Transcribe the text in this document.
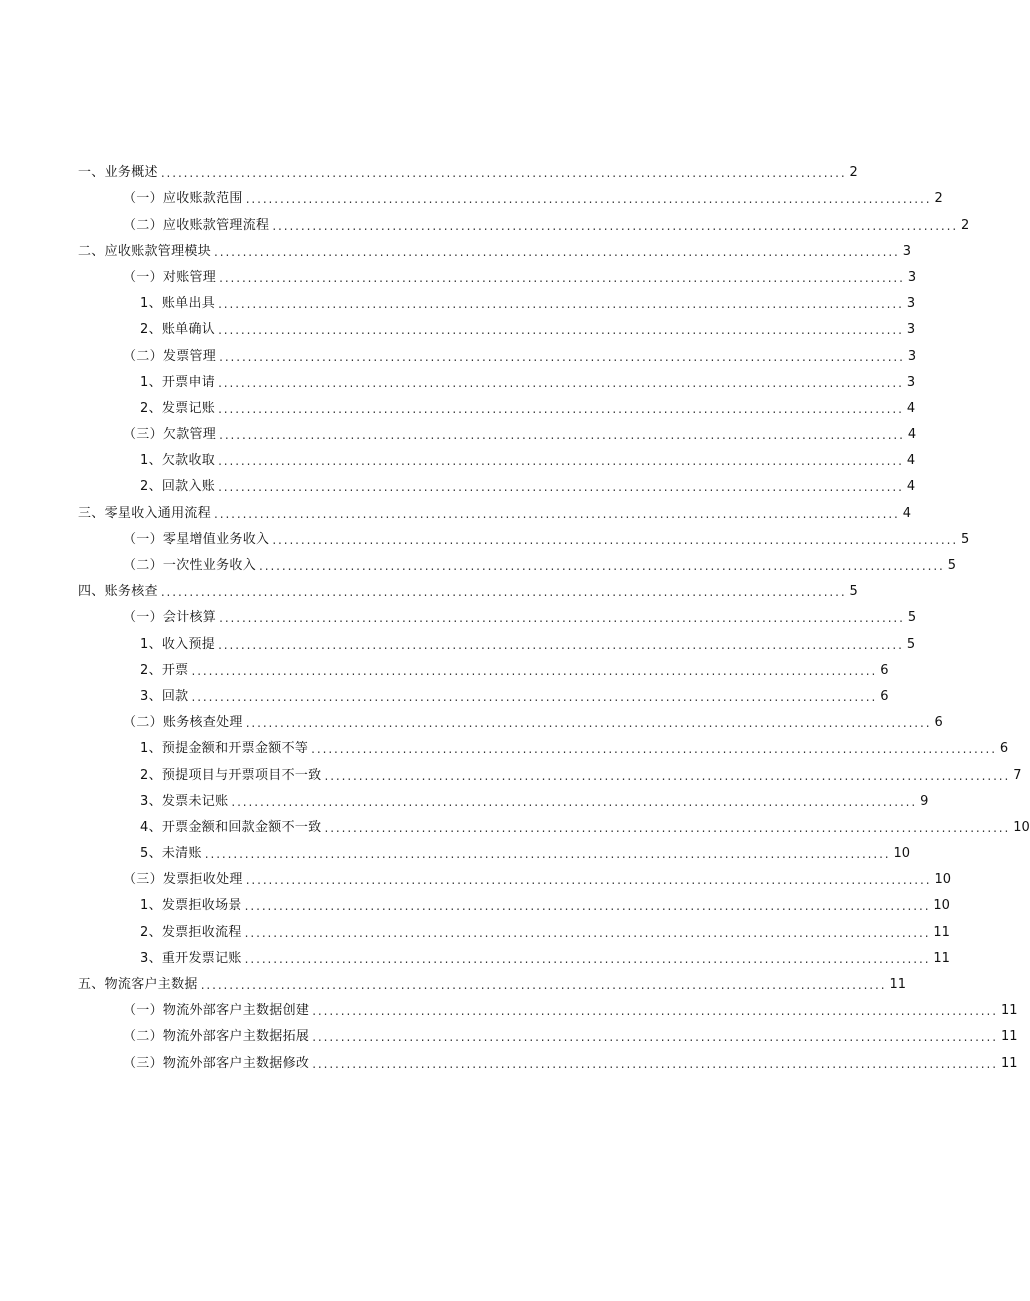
一、业务概述 ........................................................................................................................ 2
（一）应收账款范围 ........................................................................................................................ 2
（二）应收账款管理流程 ........................................................................................................................ 2
二、应收账款管理模块 ........................................................................................................................ 3
（一）对账管理 ........................................................................................................................ 3
1、账单出具 ........................................................................................................................ 3
2、账单确认 ........................................................................................................................ 3
（二）发票管理 ........................................................................................................................ 3
1、开票申请 ........................................................................................................................ 3
2、发票记账 ........................................................................................................................ 4
（三）欠款管理 ........................................................................................................................ 4
1、欠款收取 ........................................................................................................................ 4
2、回款入账 ........................................................................................................................ 4
三、零星收入通用流程 ........................................................................................................................ 4
（一）零星增值业务收入 ........................................................................................................................ 5
（二）一次性业务收入 ........................................................................................................................ 5
四、账务核查 ........................................................................................................................ 5
（一）会计核算 ........................................................................................................................ 5
1、收入预提 ........................................................................................................................ 5
2、开票 ........................................................................................................................ 6
3、回款 ........................................................................................................................ 6
（二）账务核查处理 ........................................................................................................................ 6
1、预提金额和开票金额不等 ........................................................................................................................ 6
2、预提项目与开票项目不一致 ........................................................................................................................ 7
3、发票未记账 ........................................................................................................................ 9
4、开票金额和回款金额不一致 ........................................................................................................................ 10
5、未清账 ........................................................................................................................ 10
（三）发票拒收处理 ........................................................................................................................ 10
1、发票拒收场景 ........................................................................................................................ 10
2、发票拒收流程 ........................................................................................................................ 11
3、重开发票记账 ........................................................................................................................ 11
五、物流客户主数据 ........................................................................................................................ 11
（一）物流外部客户主数据创建 ........................................................................................................................ 11
（二）物流外部客户主数据拓展 ........................................................................................................................ 11
（三）物流外部客户主数据修改 ........................................................................................................................ 11
